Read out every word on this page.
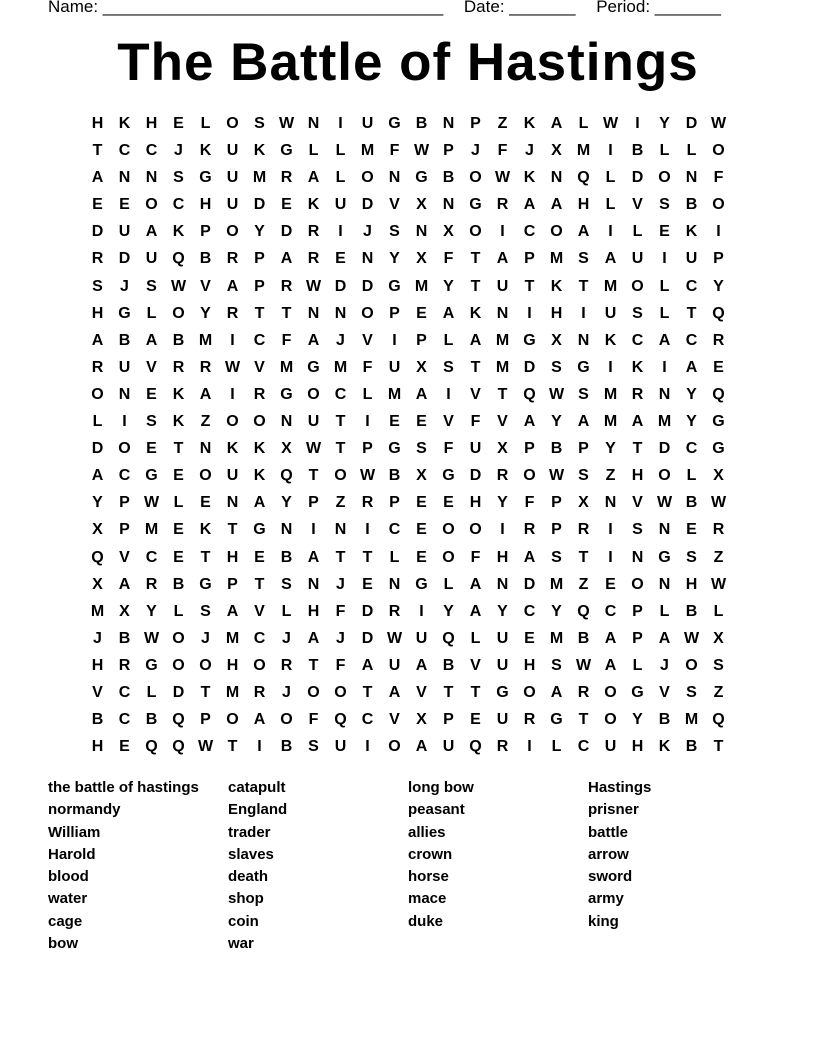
Name: ____________________________________ Date: _______ Period: _______
The Battle of Hastings
H K H E	L O S W N	I	U G B N P	Z	K A	L W	I	Y D W
T	C C	J	K U K G L	L M F W P	J	F	J	X M	I	B	L	L O
A N N S G U M R A	L O N G B O W K N Q L	D O N	F
E	E O C H U D E K U D V	X N G R A A H	L	V	S B O
D U A K P O Y D R	I	J	S N X O	I	C O A	I	L	E K	I
R D U Q B R P A R E N Y	X	F	T	A P M S A U	I	U P
S	J	S W V A P R W D D G M Y	T	U	T	K	T M O L	C Y
H G L O Y R	T	T	N N O P	E A K N	I	H	I	U S	L	T Q
A B A B M	I	C	F	A	J	V	I	P	L	A M G X N K C A C R
R U V R R W V M G M F	U X	S	T M D S G	I	K	I	A E
O N E K A	I	R G O C	L M A	I	V	T Q W S M R N Y Q
L	I	S K	Z O O N U	T	I	E	E	V	F	V A Y A M A M Y G
D O E	T	N K K X W T	P G S	F	U X	P B P	Y	T	D C G
A C G E O U K Q T O W B X G D R O W S	Z	H O L	X
Y	P W L	E N A Y	P	Z	R P	E	E H Y	F	P	X N V W B W
X	P M E K	T G N	I	N	I	C E O O	I	R P R	I	S N E R
Q V C E	T	H E B A	T	T	L	E O F	H A S	T	I	N G S	Z
X A R B G P	T	S N	J	E N G L	A N D M Z	E O N H W
M X	Y	L	S A V	L	H	F	D R	I	Y A Y C Y Q C P	L	B	L
J	B W O	J M C	J	A	J	D W U Q L	U E M B A P A W X
H R G O O H O R	T	F	A U A B V U H S W A	L	J	O S
V C	L	D	T M R	J	O O T	A V	T	T G O A R O G V	S	Z
B C B Q P O A O F Q C V	X	P	E U R G T O Y B M Q
H E Q Q W T	I	B S U	I	O A U Q R	I	L	C U H K B	T
the battle of hastings
normandy
William
Harold
blood
water
cage
bow
catapult
England
trader
slaves
death
shop
coin
war
long bow
peasant
allies
crown
horse
mace
duke
Hastings
prisner
battle
arrow
sword
army
king
